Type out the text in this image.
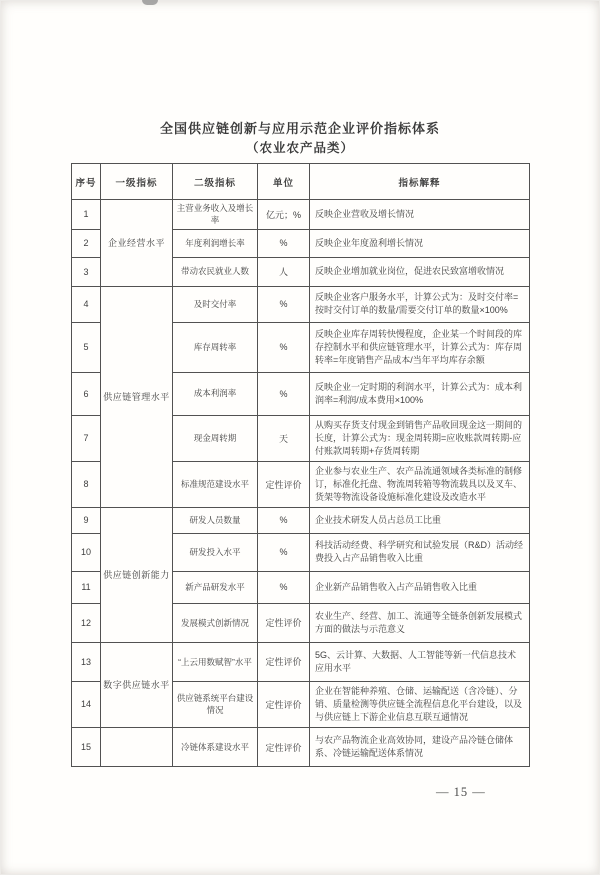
全国供应链创新与应用示范企业评价指标体系
（农业农产品类）
序号	一级指标	二级指标	单位	指标解释
1	企业经营水平	主营业务收入及增长率	亿元；%	反映企业营收及增长情况
2		年度利润增长率	%	反映企业年度盈利增长情况
3		带动农民就业人数	人	反映企业增加就业岗位，促进农民致富增收情况
4	供应链管理水平	及时交付率	%	反映企业客户服务水平，计算公式为：及时交付率=按时交付订单的数量/需要交付订单的数量×100%
5		库存周转率	%	反映企业库存周转快慢程度，企业某一个时间段的库存控制水平和供应链管理水平，计算公式为：库存周转率=年度销售产品成本/当年平均库存余额
6		成本利润率	%	反映企业一定时期的利润水平，计算公式为：成本利润率=利润/成本费用×100%
7		现金周转期	天	从购买存货支付现金到销售产品收回现金这一期间的长度，计算公式为：现金周转期=应收账款周转期-应付账款周转期+存货周转期
8		标准规范建设水平	定性评价	企业参与农业生产、农产品流通领域各类标准的制修订，标准化托盘、物流周转箱等物流载具以及叉车、货架等物流设备设施标准化建设及改造水平
9	供应链创新能力	研发人员数量	%	企业技术研发人员占总员工比重
10		研发投入水平	%	科技活动经费、科学研究和试验发展（R&D）活动经费投入占产品销售收入比重
11		新产品研发水平	%	企业新产品销售收入占产品销售收入比重
12		发展模式创新情况	定性评价	农业生产、经营、加工、流通等全链条创新发展模式方面的做法与示范意义
13	数字供应链水平	“上云用数赋智”水平	定性评价	5G、云计算、大数据、人工智能等新一代信息技术应用水平
14		供应链系统平台建设情况	定性评价	企业在智能种养殖、仓储、运输配送（含冷链）、分销、质量检测等供应链全流程信息化平台建设，以及与供应链上下游企业信息互联互通情况
15		冷链体系建设水平	定性评价	与农产品物流企业高效协同，建设产品冷链仓储体系、冷链运输配送体系情况
— 15 —
